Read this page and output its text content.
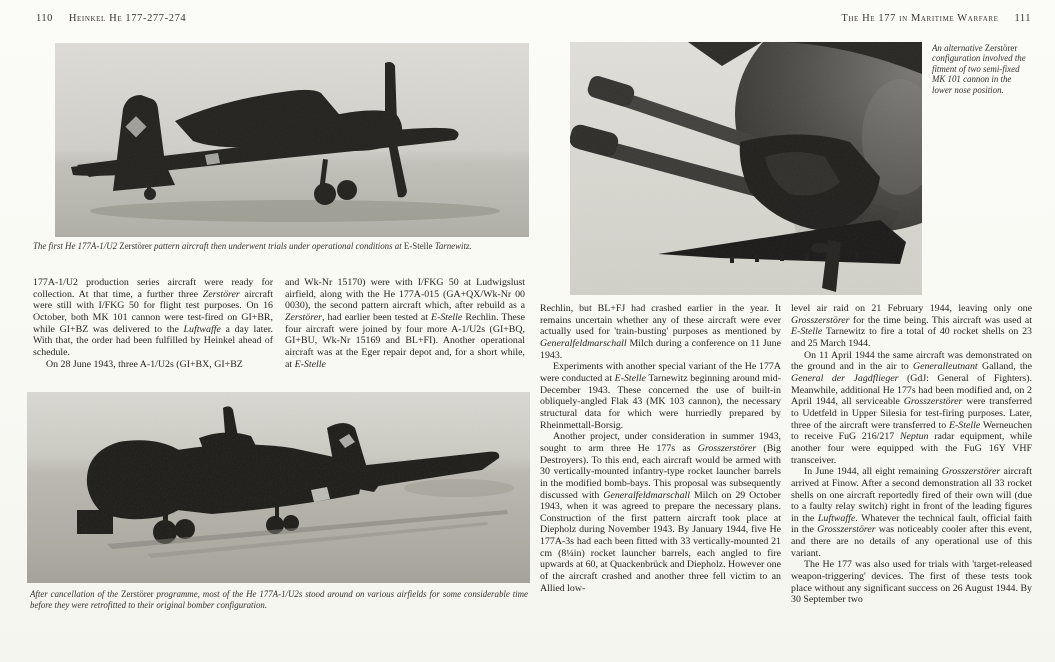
110 Heinkel He 177-277-274	The He 177 in Maritime Warfare 111
The first He 177A-1/U2 Zerstörer pattern aircraft then underwent trials under operational conditions at E-Stelle Tarnewitz.

177A-1/U2 production series aircraft were ready for collection. At that time, a further three Zerstörer aircraft were still with I/FKG 50 for flight test purposes. On 16 October, both MK 101 cannon were test-fired on GI+BR, while GI+BZ was delivered to the Luftwaffe a day later. With that, the order had been fulfilled by Heinkel ahead of schedule.

On 28 June 1943, three A-1/U2s (GI+BX, GI+BZ

and Wk-Nr 15170) were with I/FKG 50 at Ludwigslust airfield, along with the He 177A-015 (GA+QX/Wk-Nr 00 0030), the second pattern aircraft which, after rebuild as a Zerstörer, had earlier been tested at E-Stelle Rechlin. These four aircraft were joined by four more A-1/U2s (GI+BQ, GI+BU, Wk-Nr 15169 and BL+FI). Another operational aircraft was at the Eger repair depot and, for a short while, at E-Stelle

After cancellation of the Zerstörer programme, most of the He 177A-1/U2s stood around on various airfields for some considerable time before they were retrofitted to their original bomber configuration.
An alternative Zerstörer configuration involved the fitment of two semi-fixed MK 101 cannon in the lower nose position.

Rechlin, but BL+FJ had crashed earlier in the year. It remains uncertain whether any of these aircraft were ever actually used for 'train-busting' purposes as mentioned by Generalfeldmarschall Milch during a conference on 11 June 1943.

Experiments with another special variant of the He 177A were conducted at E-Stelle Tarnewitz beginning around mid-December 1943. These concerned the use of built-in obliquely-angled Flak 43 (MK 103 cannon), the necessary structural data for which were hurriedly prepared by Rheinmettall-Borsig.

Another project, under consideration in summer 1943, sought to arm three He 177s as Grosszerstörer (Big Destroyers). To this end, each aircraft would be armed with 30 vertically-mounted infantry-type rocket launcher barrels in the modified bomb-bays. This proposal was subsequently discussed with Generalfeldmarschall Milch on 29 October 1943, when it was agreed to prepare the necessary plans. Construction of the first pattern aircraft took place at Diepholz during November 1943. By January 1944, five He 177A-3s had each been fitted with 33 vertically-mounted 21 cm (8¼in) rocket launcher barrels, each angled to fire upwards at 60, at Quackenbrück and Diepholz. However one of the aircraft crashed and another three fell victim to an Allied low-

level air raid on 21 February 1944, leaving only one Grosszerstörer for the time being. This aircraft was used at E-Stelle Tarnewitz to fire a total of 40 rocket shells on 23 and 25 March 1944.

On 11 April 1944 the same aircraft was demonstrated on the ground and in the air to Generalleutnant Galland, the General der Jagdflieger (GdJ: General of Fighters). Meanwhile, additional He 177s had been modified and, on 2 April 1944, all serviceable Grosszerstörer were transferred to Udetfeld in Upper Silesia for test-firing purposes. Later, three of the aircraft were transferred to E-Stelle Werneuchen to receive FuG 216/217 Neptun radar equipment, while another four were equipped with the FuG 16Y VHF transceiver.

In June 1944, all eight remaining Grosszerstörer aircraft arrived at Finow. After a second demonstration all 33 rocket shells on one aircraft reportedly fired of their own will (due to a faulty relay switch) right in front of the leading figures in the Luftwaffe. Whatever the technical fault, official faith in the Grosszerstörer was noticeably cooler after this event, and there are no details of any operational use of this variant.

The He 177 was also used for trials with 'target-released weapon-triggering' devices. The first of these tests took place without any significant success on 26 August 1944. By 30 September two
